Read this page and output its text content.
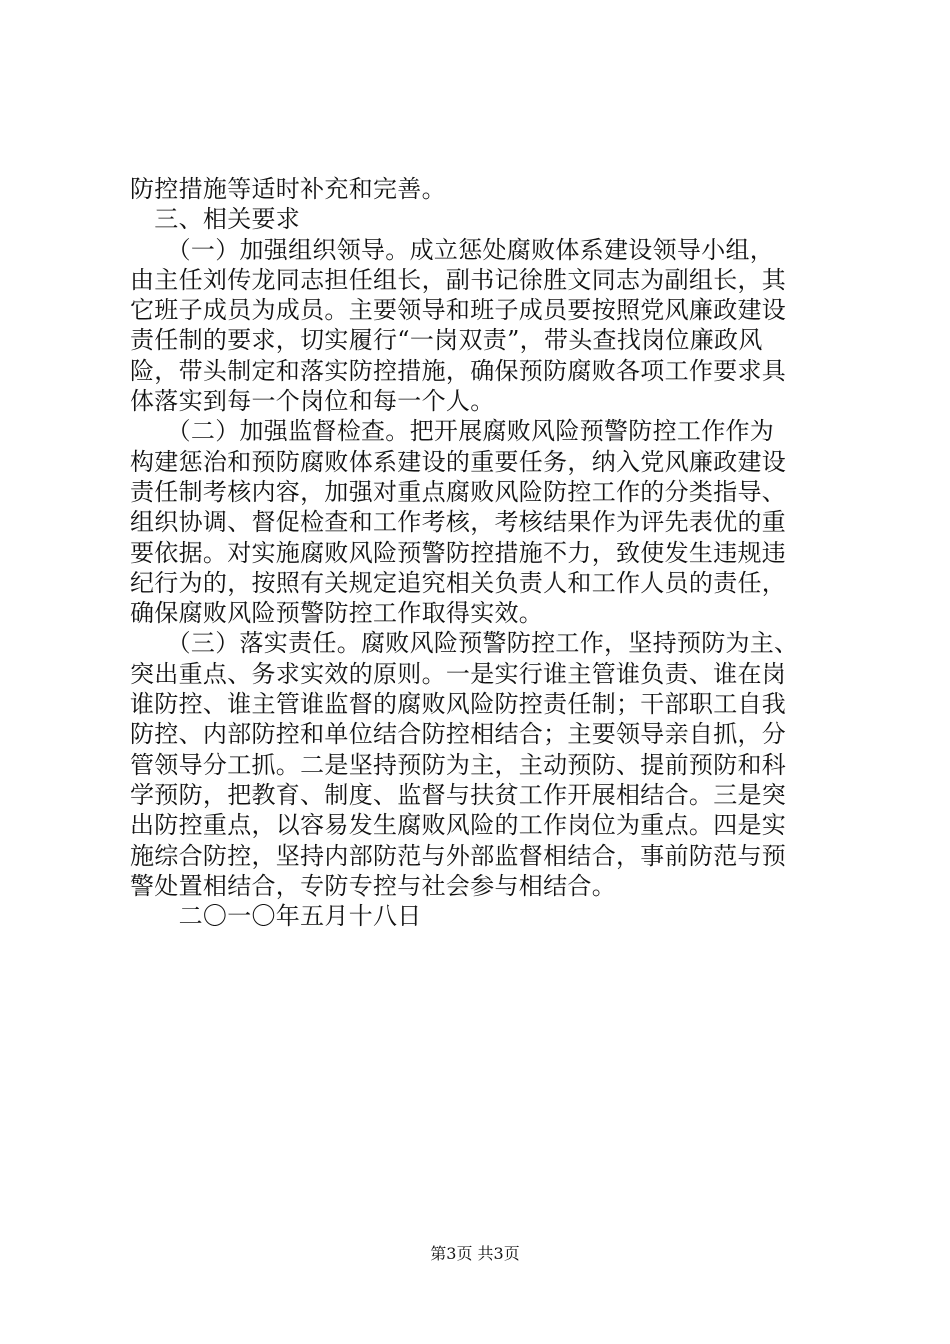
防控措施等适时补充和完善。
　三、相关要求
　　（一）加强组织领导。成立惩处腐败体系建设领导小组，
由主任刘传龙同志担任组长，副书记徐胜文同志为副组长，其
它班子成员为成员。主要领导和班子成员要按照党风廉政建设
责任制的要求，切实履行“一岗双责”，带头查找岗位廉政风
险，带头制定和落实防控措施，确保预防腐败各项工作要求具
体落实到每一个岗位和每一个人。
　　（二）加强监督检查。把开展腐败风险预警防控工作作为
构建惩治和预防腐败体系建设的重要任务，纳入党风廉政建设
责任制考核内容，加强对重点腐败风险防控工作的分类指导、
组织协调、督促检查和工作考核，考核结果作为评先表优的重
要依据。对实施腐败风险预警防控措施不力，致使发生违规违
纪行为的，按照有关规定追究相关负责人和工作人员的责任，
确保腐败风险预警防控工作取得实效。
　　（三）落实责任。腐败风险预警防控工作，坚持预防为主、
突出重点、务求实效的原则。一是实行谁主管谁负责、谁在岗
谁防控、谁主管谁监督的腐败风险防控责任制；干部职工自我
防控、内部防控和单位结合防控相结合；主要领导亲自抓，分
管领导分工抓。二是坚持预防为主，主动预防、提前预防和科
学预防，把教育、制度、监督与扶贫工作开展相结合。三是突
出防控重点，以容易发生腐败风险的工作岗位为重点。四是实
施综合防控，坚持内部防范与外部监督相结合，事前防范与预
警处置相结合，专防专控与社会参与相结合。
　　二〇一〇年五月十八日
第3页 共3页
